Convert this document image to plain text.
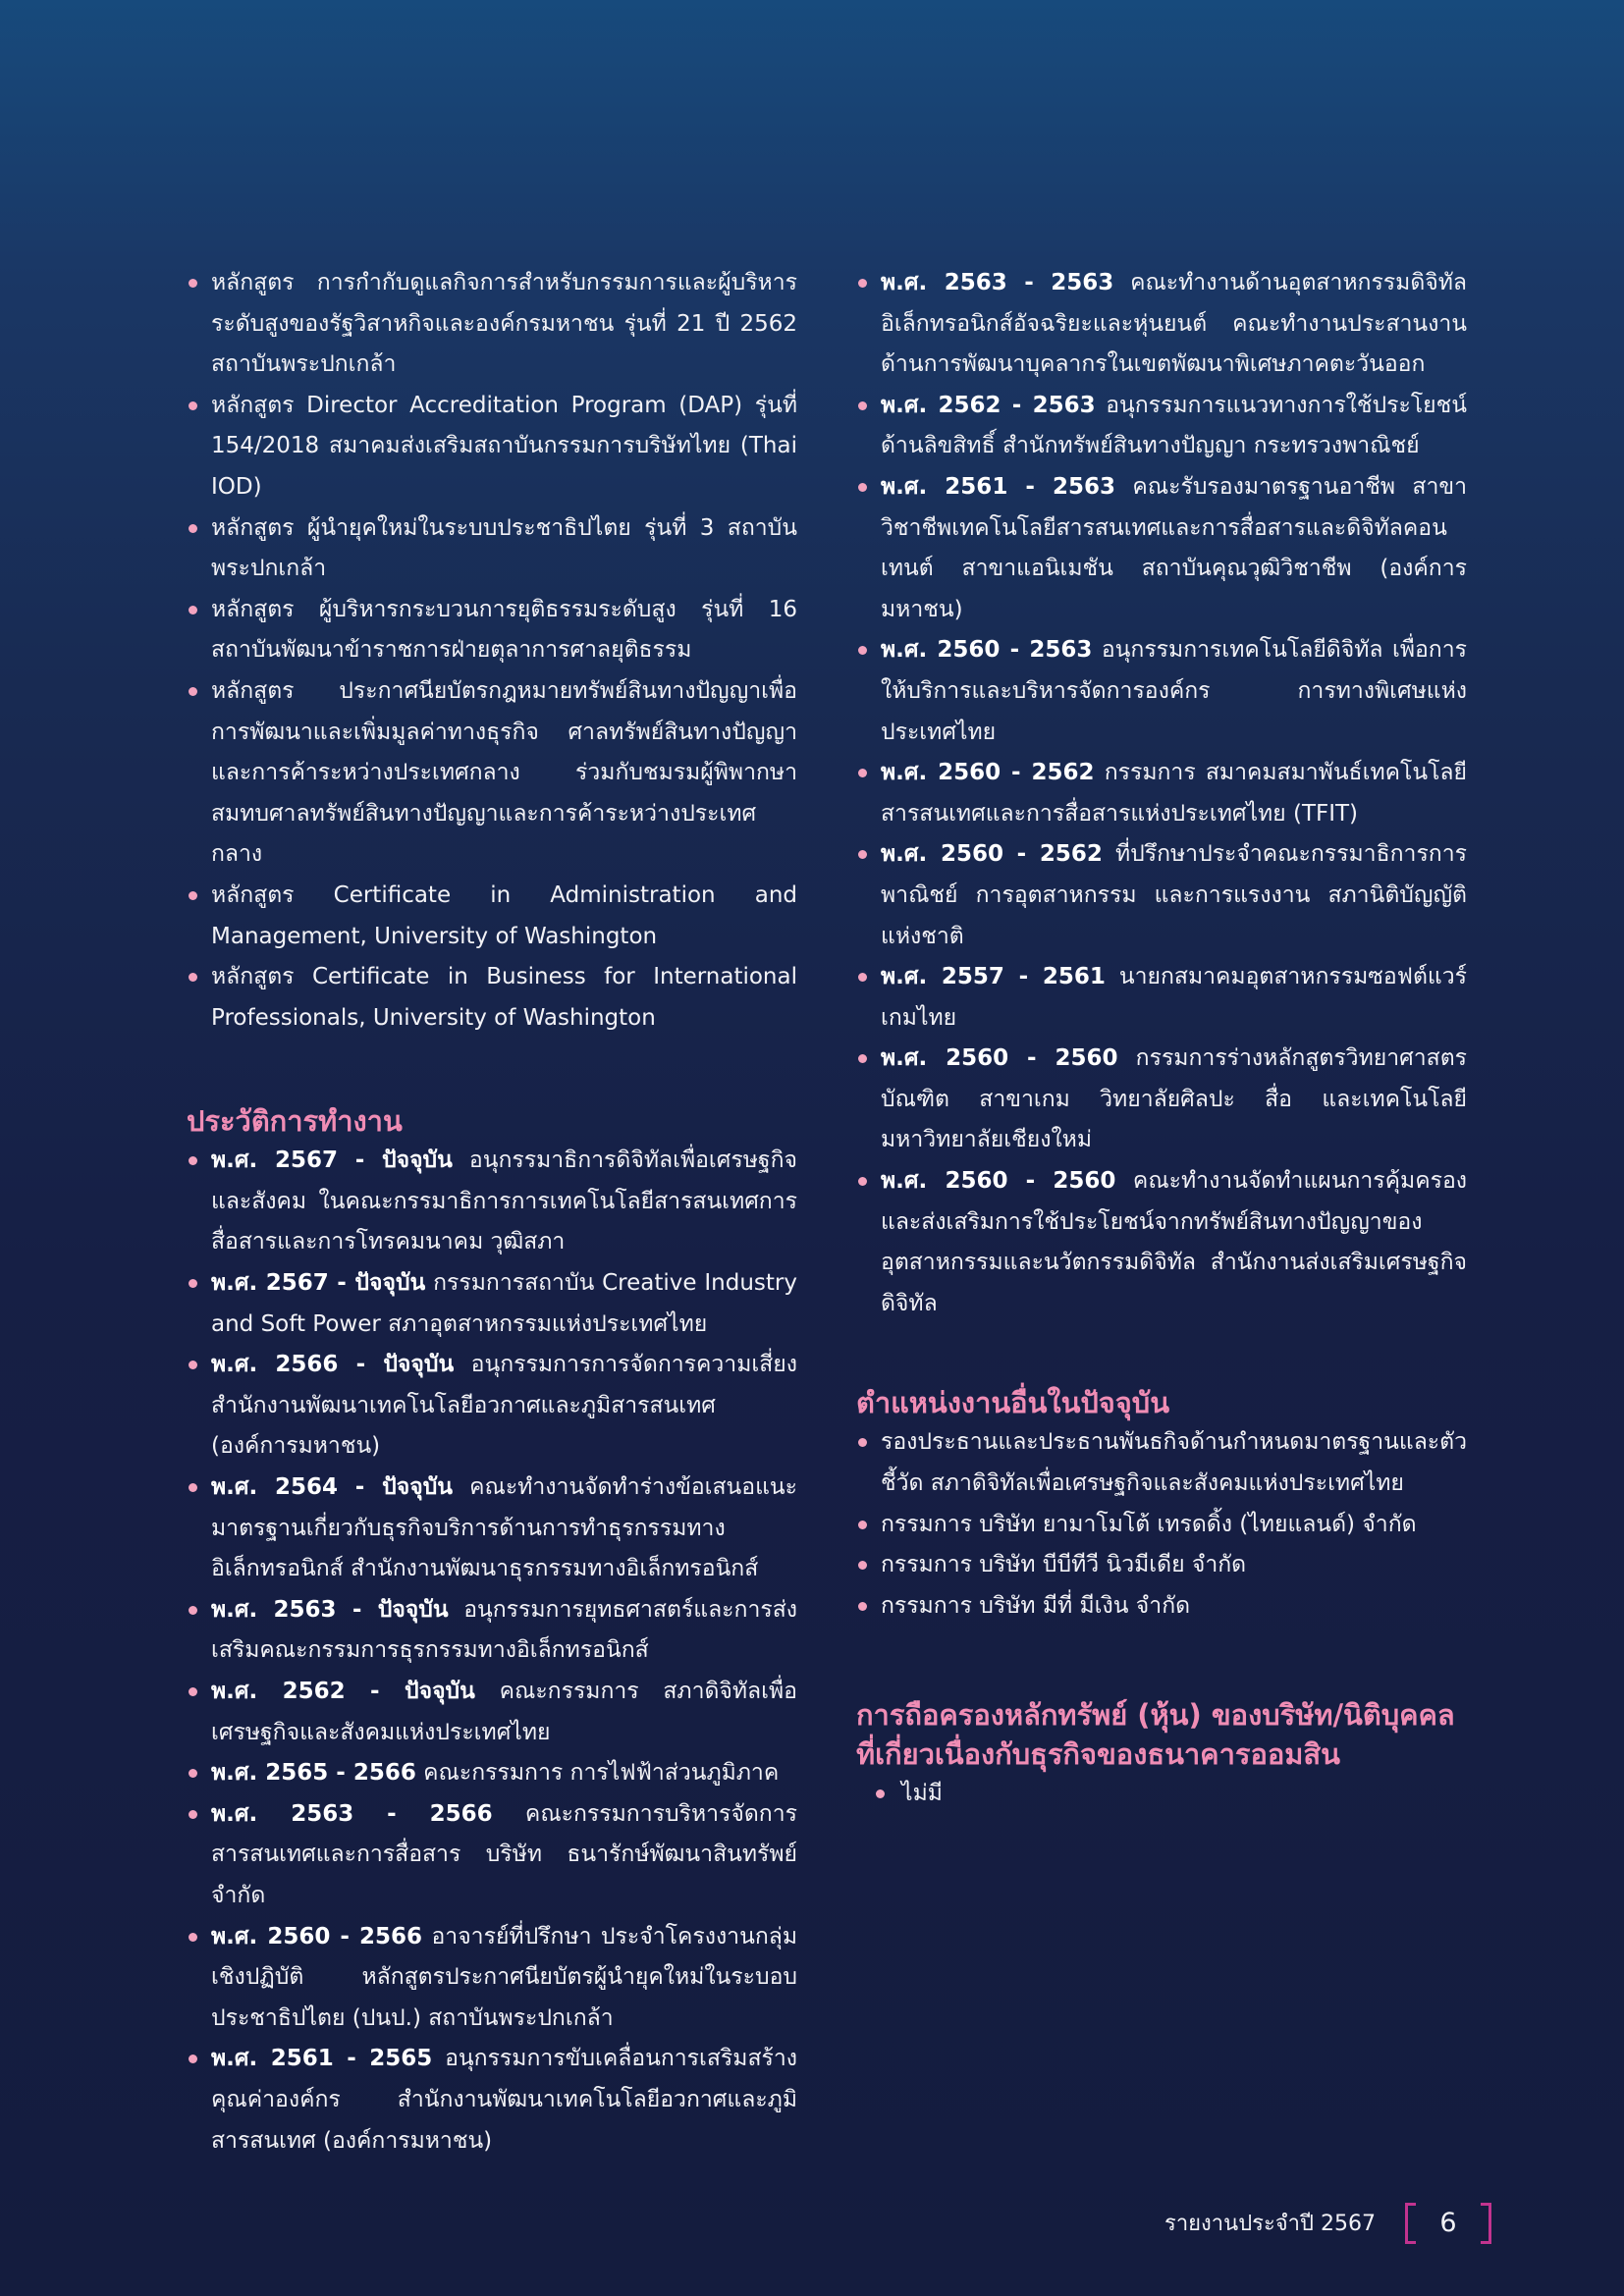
หลักสูตร การกำกับดูแลกิจการสำหรับกรรมการและผู้บริหารระดับสูงของรัฐวิสาหกิจและองค์กรมหาชน รุ่นที่ 21 ปี 2562 สถาบันพระปกเกล้า
หลักสูตร Director Accreditation Program (DAP) รุ่นที่ 154/2018 สมาคมส่งเสริมสถาบันกรรมการบริษัทไทย (Thai IOD)
หลักสูตร ผู้นำยุคใหม่ในระบบประชาธิปไตย รุ่นที่ 3 สถาบันพระปกเกล้า
หลักสูตร ผู้บริหารกระบวนการยุติธรรมระดับสูง รุ่นที่ 16 สถาบันพัฒนาข้าราชการฝ่ายตุลาการศาลยุติธรรม
หลักสูตร ประกาศนียบัตรกฎหมายทรัพย์สินทางปัญญาเพื่อการพัฒนาและเพิ่มมูลค่าทางธุรกิจ ศาลทรัพย์สินทางปัญญาและการค้าระหว่างประเทศกลาง ร่วมกับชมรมผู้พิพากษาสมทบศาลทรัพย์สินทางปัญญาและการค้าระหว่างประเทศกลาง
หลักสูตร Certificate in Administration and Management, University of Washington
หลักสูตร Certificate in Business for International Professionals, University of Washington
ประวัติการทำงาน
พ.ศ. 2567 - ปัจจุบัน อนุกรรมาธิการดิจิทัลเพื่อเศรษฐกิจและสังคม ในคณะกรรมาธิการการเทคโนโลยีสารสนเทศการสื่อสารและการโทรคมนาคม วุฒิสภา
พ.ศ. 2567 - ปัจจุบัน กรรมการสถาบัน Creative Industry and Soft Power สภาอุตสาหกรรมแห่งประเทศไทย
พ.ศ. 2566 - ปัจจุบัน อนุกรรมการการจัดการความเสี่ยง สำนักงานพัฒนาเทคโนโลยีอวกาศและภูมิสารสนเทศ (องค์การมหาชน)
พ.ศ. 2564 - ปัจจุบัน คณะทำงานจัดทำร่างข้อเสนอแนะมาตรฐานเกี่ยวกับธุรกิจบริการด้านการทำธุรกรรมทางอิเล็กทรอนิกส์ สำนักงานพัฒนาธุรกรรมทางอิเล็กทรอนิกส์
พ.ศ. 2563 - ปัจจุบัน อนุกรรมการยุทธศาสตร์และการส่งเสริมคณะกรรมการธุรกรรมทางอิเล็กทรอนิกส์
พ.ศ. 2562 - ปัจจุบัน คณะกรรมการ สภาดิจิทัลเพื่อเศรษฐกิจและสังคมแห่งประเทศไทย
พ.ศ. 2565 - 2566 คณะกรรมการ การไฟฟ้าส่วนภูมิภาค
พ.ศ. 2563 - 2566 คณะกรรมการบริหารจัดการสารสนเทศและการสื่อสาร บริษัท ธนารักษ์พัฒนาสินทรัพย์ จำกัด
พ.ศ. 2560 - 2566 อาจารย์ที่ปรึกษา ประจำโครงงานกลุ่มเชิงปฏิบัติ หลักสูตรประกาศนียบัตรผู้นำยุคใหม่ในระบอบประชาธิปไตย (ปนป.) สถาบันพระปกเกล้า
พ.ศ. 2561 - 2565 อนุกรรมการขับเคลื่อนการเสริมสร้างคุณค่าองค์กร สำนักงานพัฒนาเทคโนโลยีอวกาศและภูมิสารสนเทศ (องค์การมหาชน)
พ.ศ. 2563 - 2563 คณะทำงานด้านอุตสาหกรรมดิจิทัลอิเล็กทรอนิกส์อัจฉริยะและหุ่นยนต์ คณะทำงานประสานงานด้านการพัฒนาบุคลากรในเขตพัฒนาพิเศษภาคตะวันออก
พ.ศ. 2562 - 2563 อนุกรรมการแนวทางการใช้ประโยชน์ด้านลิขสิทธิ์ สำนักทรัพย์สินทางปัญญา กระทรวงพาณิชย์
พ.ศ. 2561 - 2563 คณะรับรองมาตรฐานอาชีพ สาขาวิชาชีพเทคโนโลยีสารสนเทศและการสื่อสารและดิจิทัลคอนเทนต์ สาขาแอนิเมชัน สถาบันคุณวุฒิวิชาชีพ (องค์การมหาชน)
พ.ศ. 2560 - 2563 อนุกรรมการเทคโนโลยีดิจิทัล เพื่อการให้บริการและบริหารจัดการองค์กร การทางพิเศษแห่งประเทศไทย
พ.ศ. 2560 - 2562 กรรมการ สมาคมสมาพันธ์เทคโนโลยีสารสนเทศและการสื่อสารแห่งประเทศไทย (TFIT)
พ.ศ. 2560 - 2562 ที่ปรึกษาประจำคณะกรรมาธิการการพาณิชย์ การอุตสาหกรรม และการแรงงาน สภานิติบัญญัติแห่งชาติ
พ.ศ. 2557 - 2561 นายกสมาคมอุตสาหกรรมซอฟต์แวร์เกมไทย
พ.ศ. 2560 - 2560 กรรมการร่างหลักสูตรวิทยาศาสตรบัณฑิต สาขาเกม วิทยาลัยศิลปะ สื่อ และเทคโนโลยี มหาวิทยาลัยเชียงใหม่
พ.ศ. 2560 - 2560 คณะทำงานจัดทำแผนการคุ้มครองและส่งเสริมการใช้ประโยชน์จากทรัพย์สินทางปัญญาของอุตสาหกรรมและนวัตกรรมดิจิทัล สำนักงานส่งเสริมเศรษฐกิจดิจิทัล
ตำแหน่งงานอื่นในปัจจุบัน
รองประธานและประธานพันธกิจด้านกำหนดมาตรฐานและตัวชี้วัด สภาดิจิทัลเพื่อเศรษฐกิจและสังคมแห่งประเทศไทย
กรรมการ บริษัท ยามาโมโต้ เทรดดิ้ง (ไทยแลนด์) จำกัด
กรรมการ บริษัท บีบีทีวี นิวมีเดีย จำกัด
กรรมการ บริษัท มีที่ มีเงิน จำกัด
การถือครองหลักทรัพย์ (หุ้น) ของบริษัท/นิติบุคคล
ที่เกี่ยวเนื่องกับธุรกิจของธนาคารออมสิน
ไม่มี
รายงานประจำปี 2567 6
